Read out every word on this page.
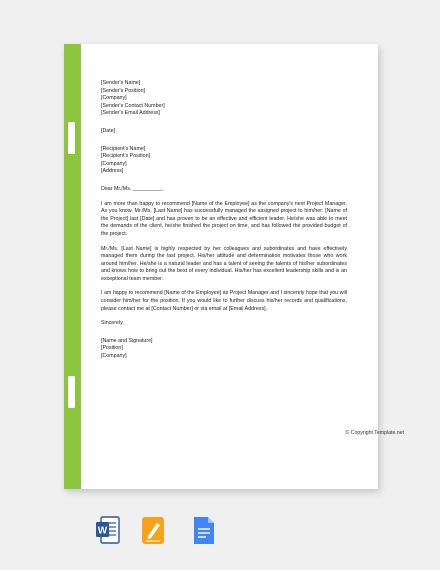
[Sender's Name]
[Sender's Position]
[Company]
[Sender's Contact Number]
[Sender's Email Address]
[Date]
[Recipient's Name]
[Recipient's Position]
[Company]
[Address]
Dear Mr./Ms. __________,

I am more than happy to recommend [Name of the Employee] as the company's next Project Manager. As you know, Mr./Ms. [Last Name] has successfully managed the assigned project to him/her: [Name of the Project] last [Date] and has proven to be an effective and efficient leader. He/she was able to meet the demands of the client, he/she finished the project on time, and has followed the provided budget of the project.

Mr./Ms. [Last Name] is highly respected by her colleagues and subordinates and have effectively managed them during the last project. His/her attitude and determination motivates those who work around him/her. He/she is a natural leader and has a talent of seeing the talents of his/her subordinates and knows how to bring out the best of every individual. His/her has excellent leadership skills and is an exceptional team member.

I am happy to recommend [Name of the Employee] as Project Manager and I sincerely hope that you will consider him/her for the position. If you would like to further discuss his/her records and qualifications, please contact me at [Contact Number] or via email at [Email Address].

Sincerely,
[Name and Signature]
[Position]
[Company]
© Copyright Template.net
W
